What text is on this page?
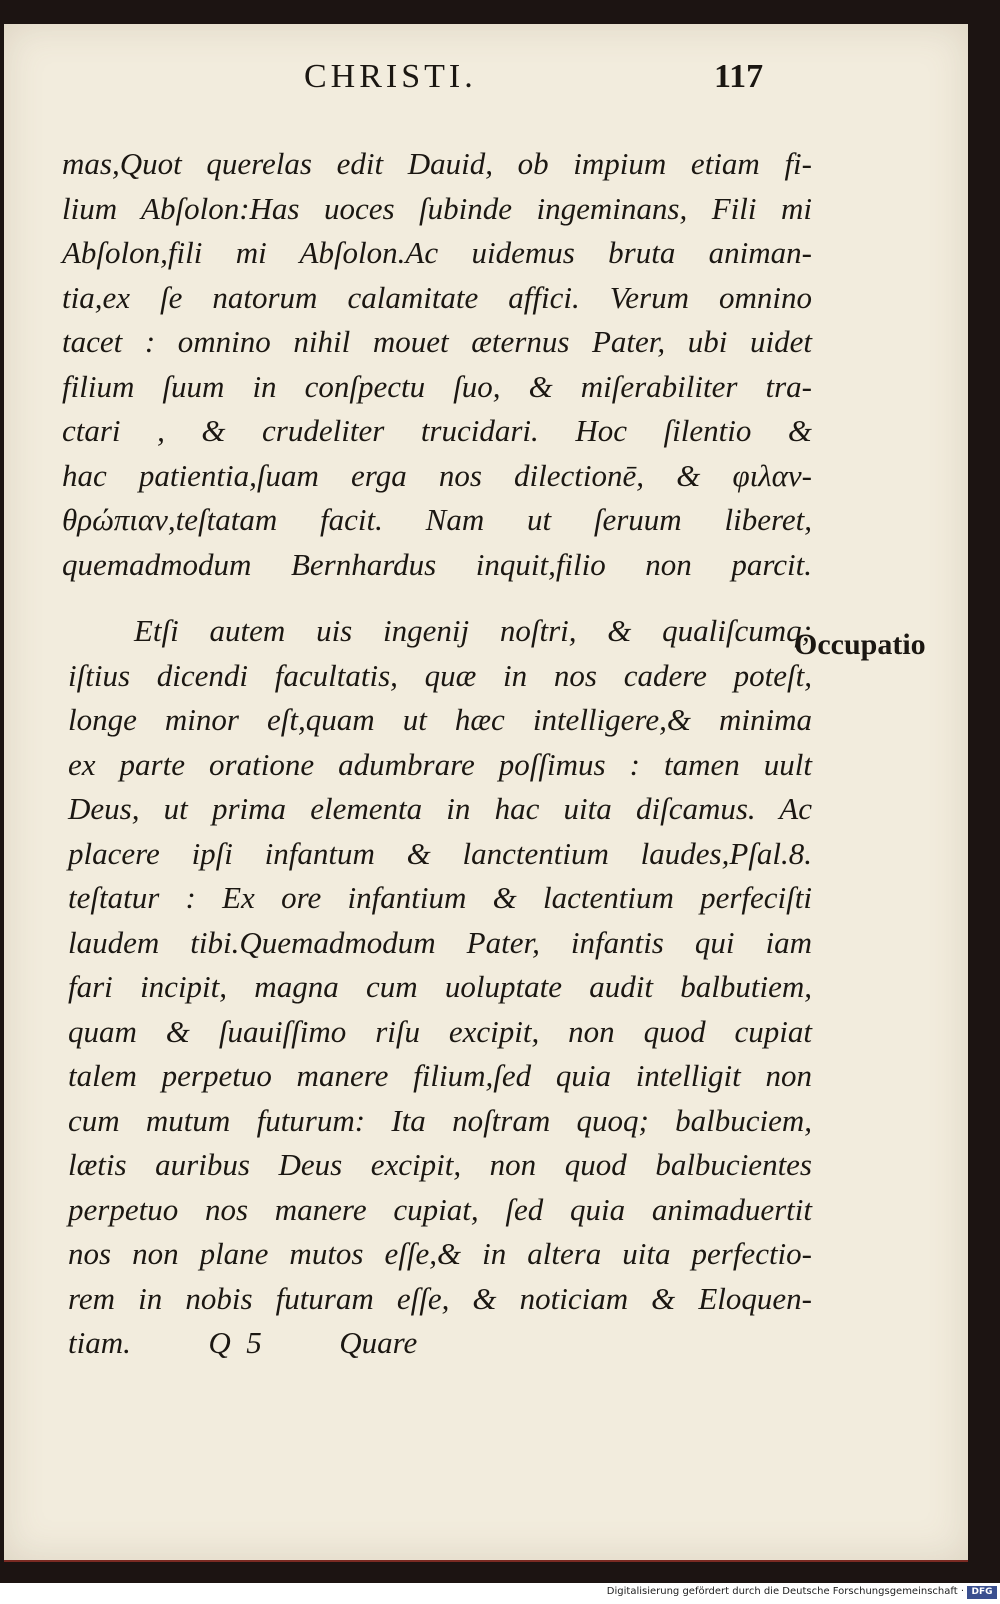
CHRISTI.	117
mas,Quot querelas edit Dauid, ob impium etiam fi-
lium Abſolon:Has uoces ſubinde ingeminans, Fili mi
Abſolon,fili mi Abſolon.Ac uidemus bruta animan-
tia,ex ſe natorum calamitate affici. Verum omnino
tacet : omnino nihil mouet æternus Pater, ubi uidet
filium ſuum in conſpectu ſuo, & miſerabiliter tra-
ctari , & crudeliter trucidari. Hoc ſilentio &
hac patientia,ſuam erga nos dilectionē, & φιλαν-
θρώπιαν,teſtatam facit. Nam ut ſeruum liberet,
quemadmodum Bernhardus inquit,filio non parcit.
Etſi autem uis ingenij noſtri, & qualiſcumq;
iſtius dicendi facultatis, quæ in nos cadere poteſt,
longe minor eſt,quam ut hæc intelligere,& minima
ex parte oratione adumbrare poſſimus : tamen uult
Deus, ut prima elementa in hac uita diſcamus. Ac
placere ipſi infantum & lanctentium laudes,Pſal.8.
teſtatur : Ex ore infantium & lactentium perfeciſti
laudem tibi.Quemadmodum Pater, infantis qui iam
fari incipit, magna cum uoluptate audit balbutiem,
quam & ſuauiſſimo riſu excipit, non quod cupiat
talem perpetuo manere filium,ſed quia intelligit non
cum mutum futurum: Ita noſtram quoq; balbuciem,
lætis auribus Deus excipit, non quod balbucientes
perpetuo nos manere cupiat, ſed quia animaduertit
nos non plane mutos eſſe,& in altera uita perfectio-
rem in nobis futuram eſſe, & noticiam & Eloquen-
tiam.          Q  5          Quare
Occupatio
Digitalisierung gefördert durch die Deutsche Forschungsgemeinschaft · DFG
